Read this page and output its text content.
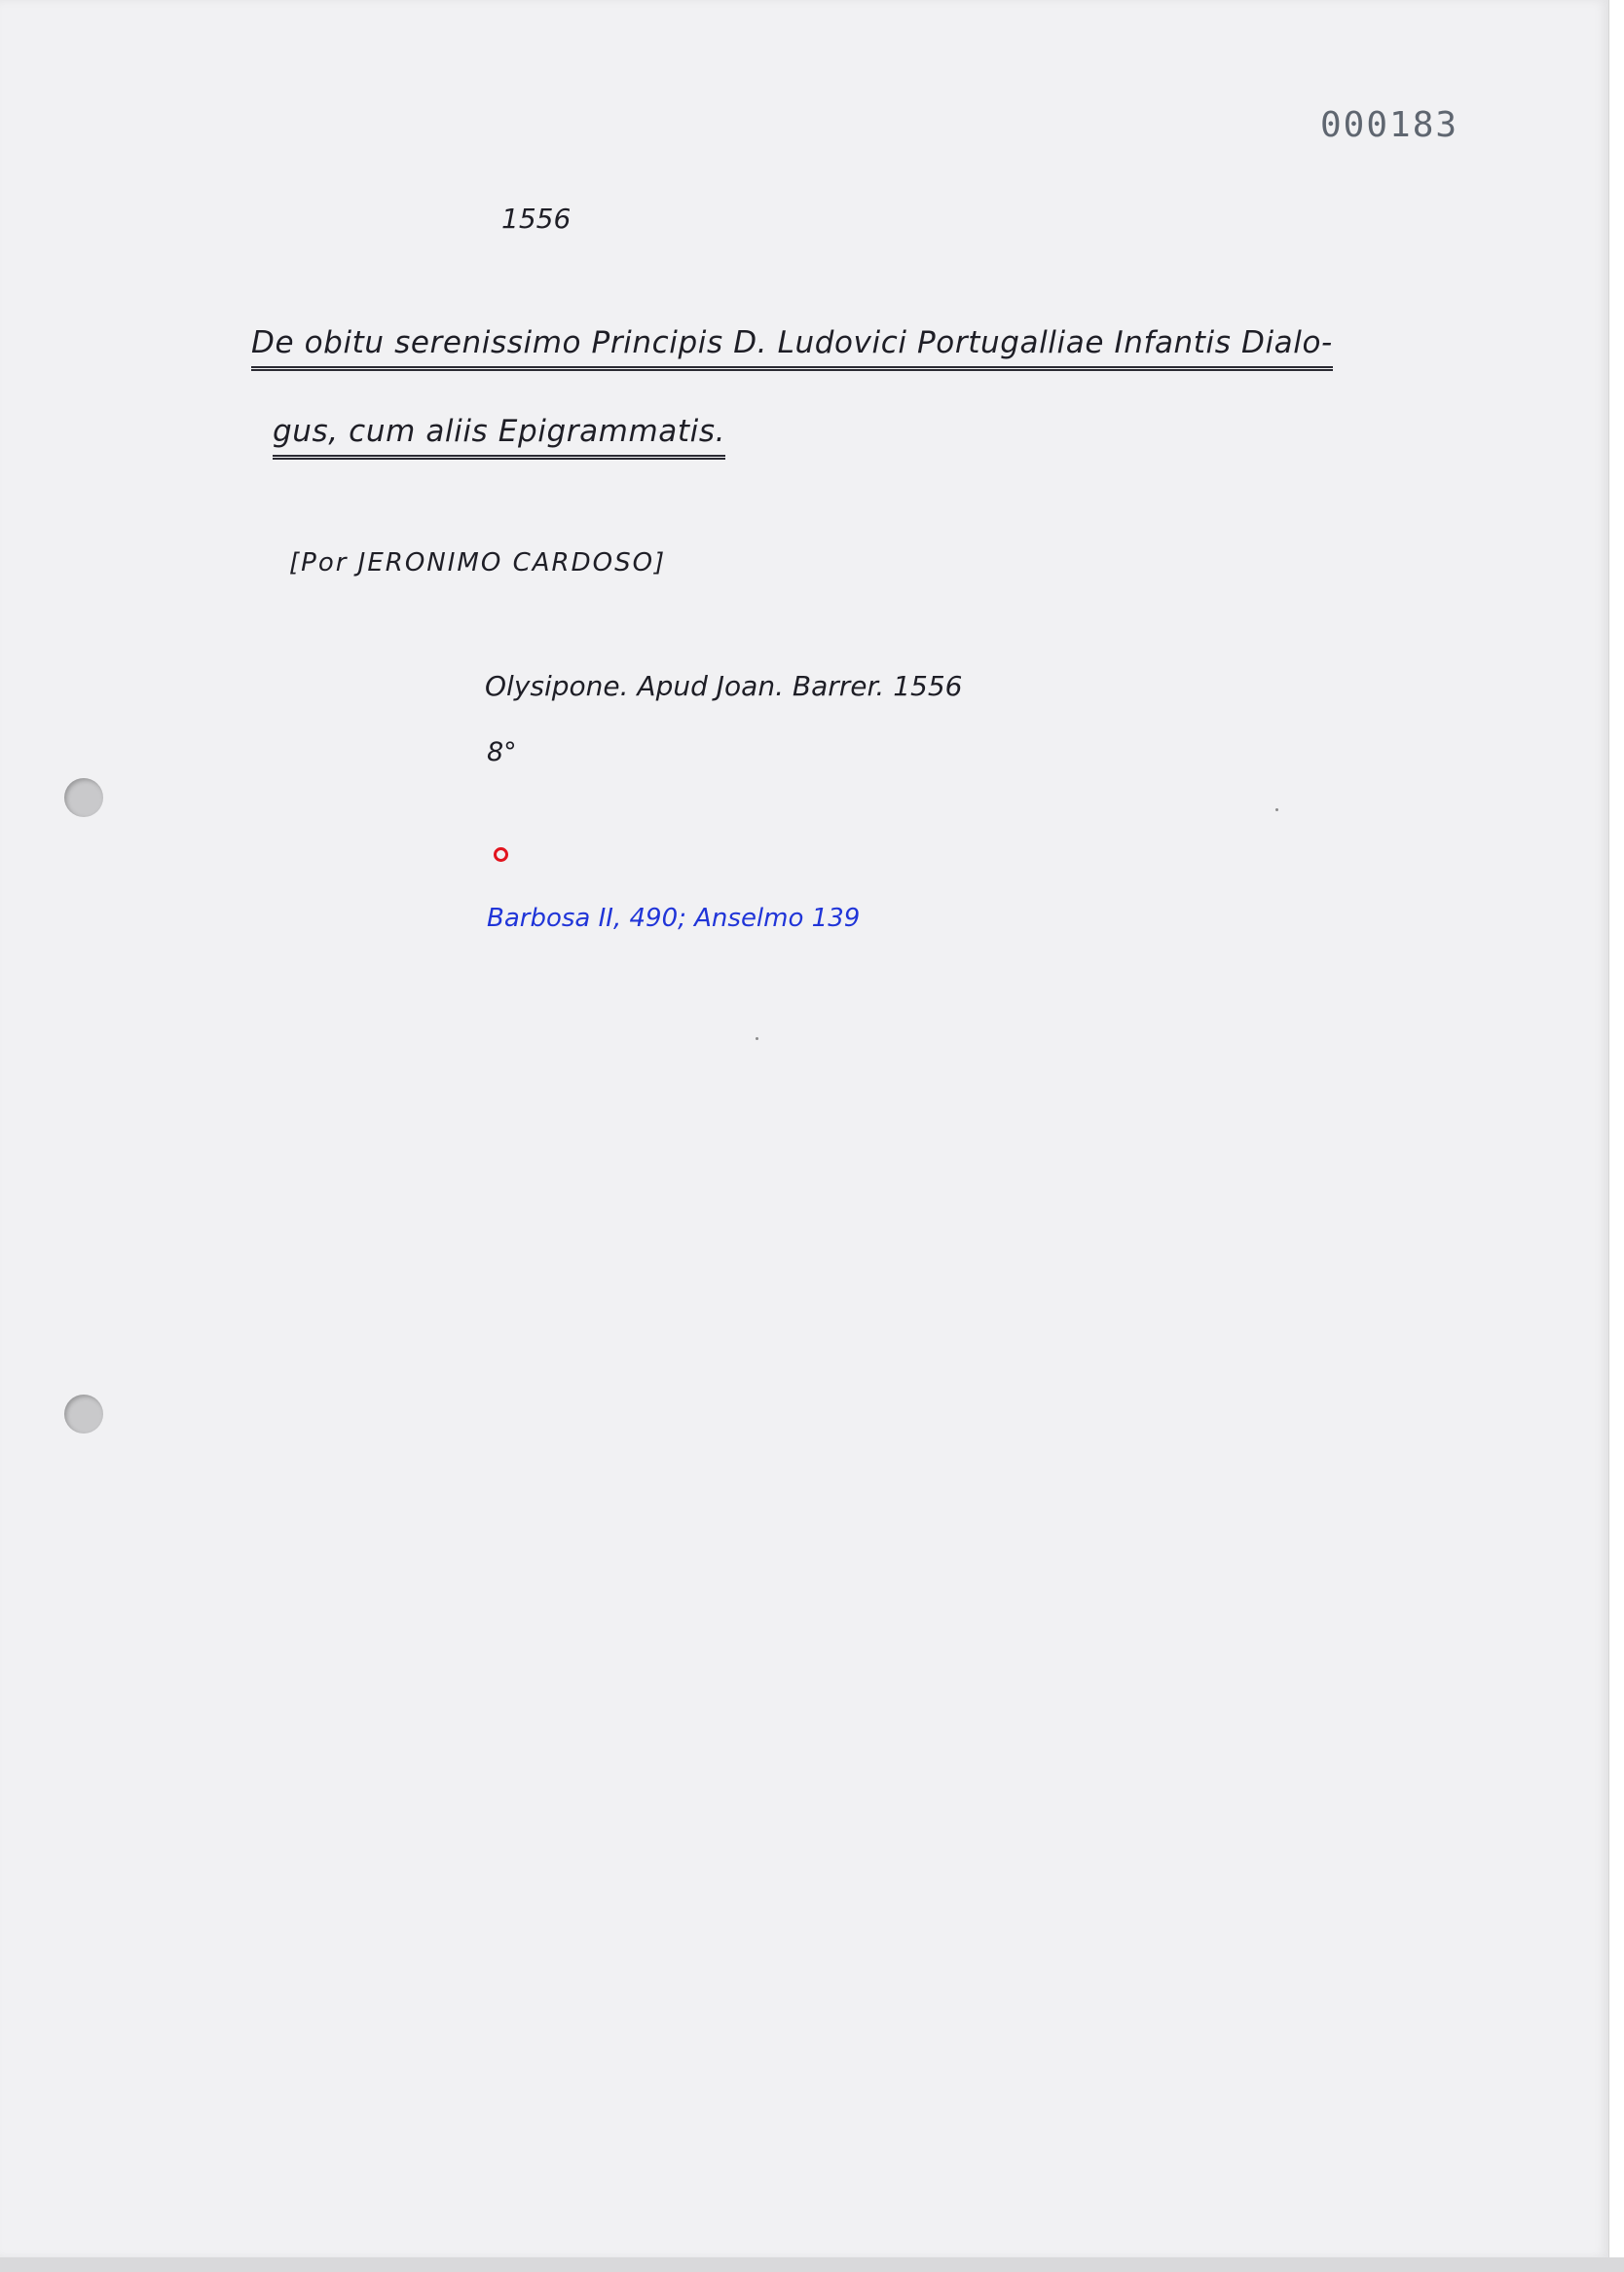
000183
1556
De obitu serenissimo Principis D. Ludovici Portugalliae Infantis Dialo-
gus, cum aliis Epigrammatis.
[Por JERONIMO CARDOSO]
Olysipone. Apud Joan. Barrer. 1556
8°
Barbosa II, 490; Anselmo 139
